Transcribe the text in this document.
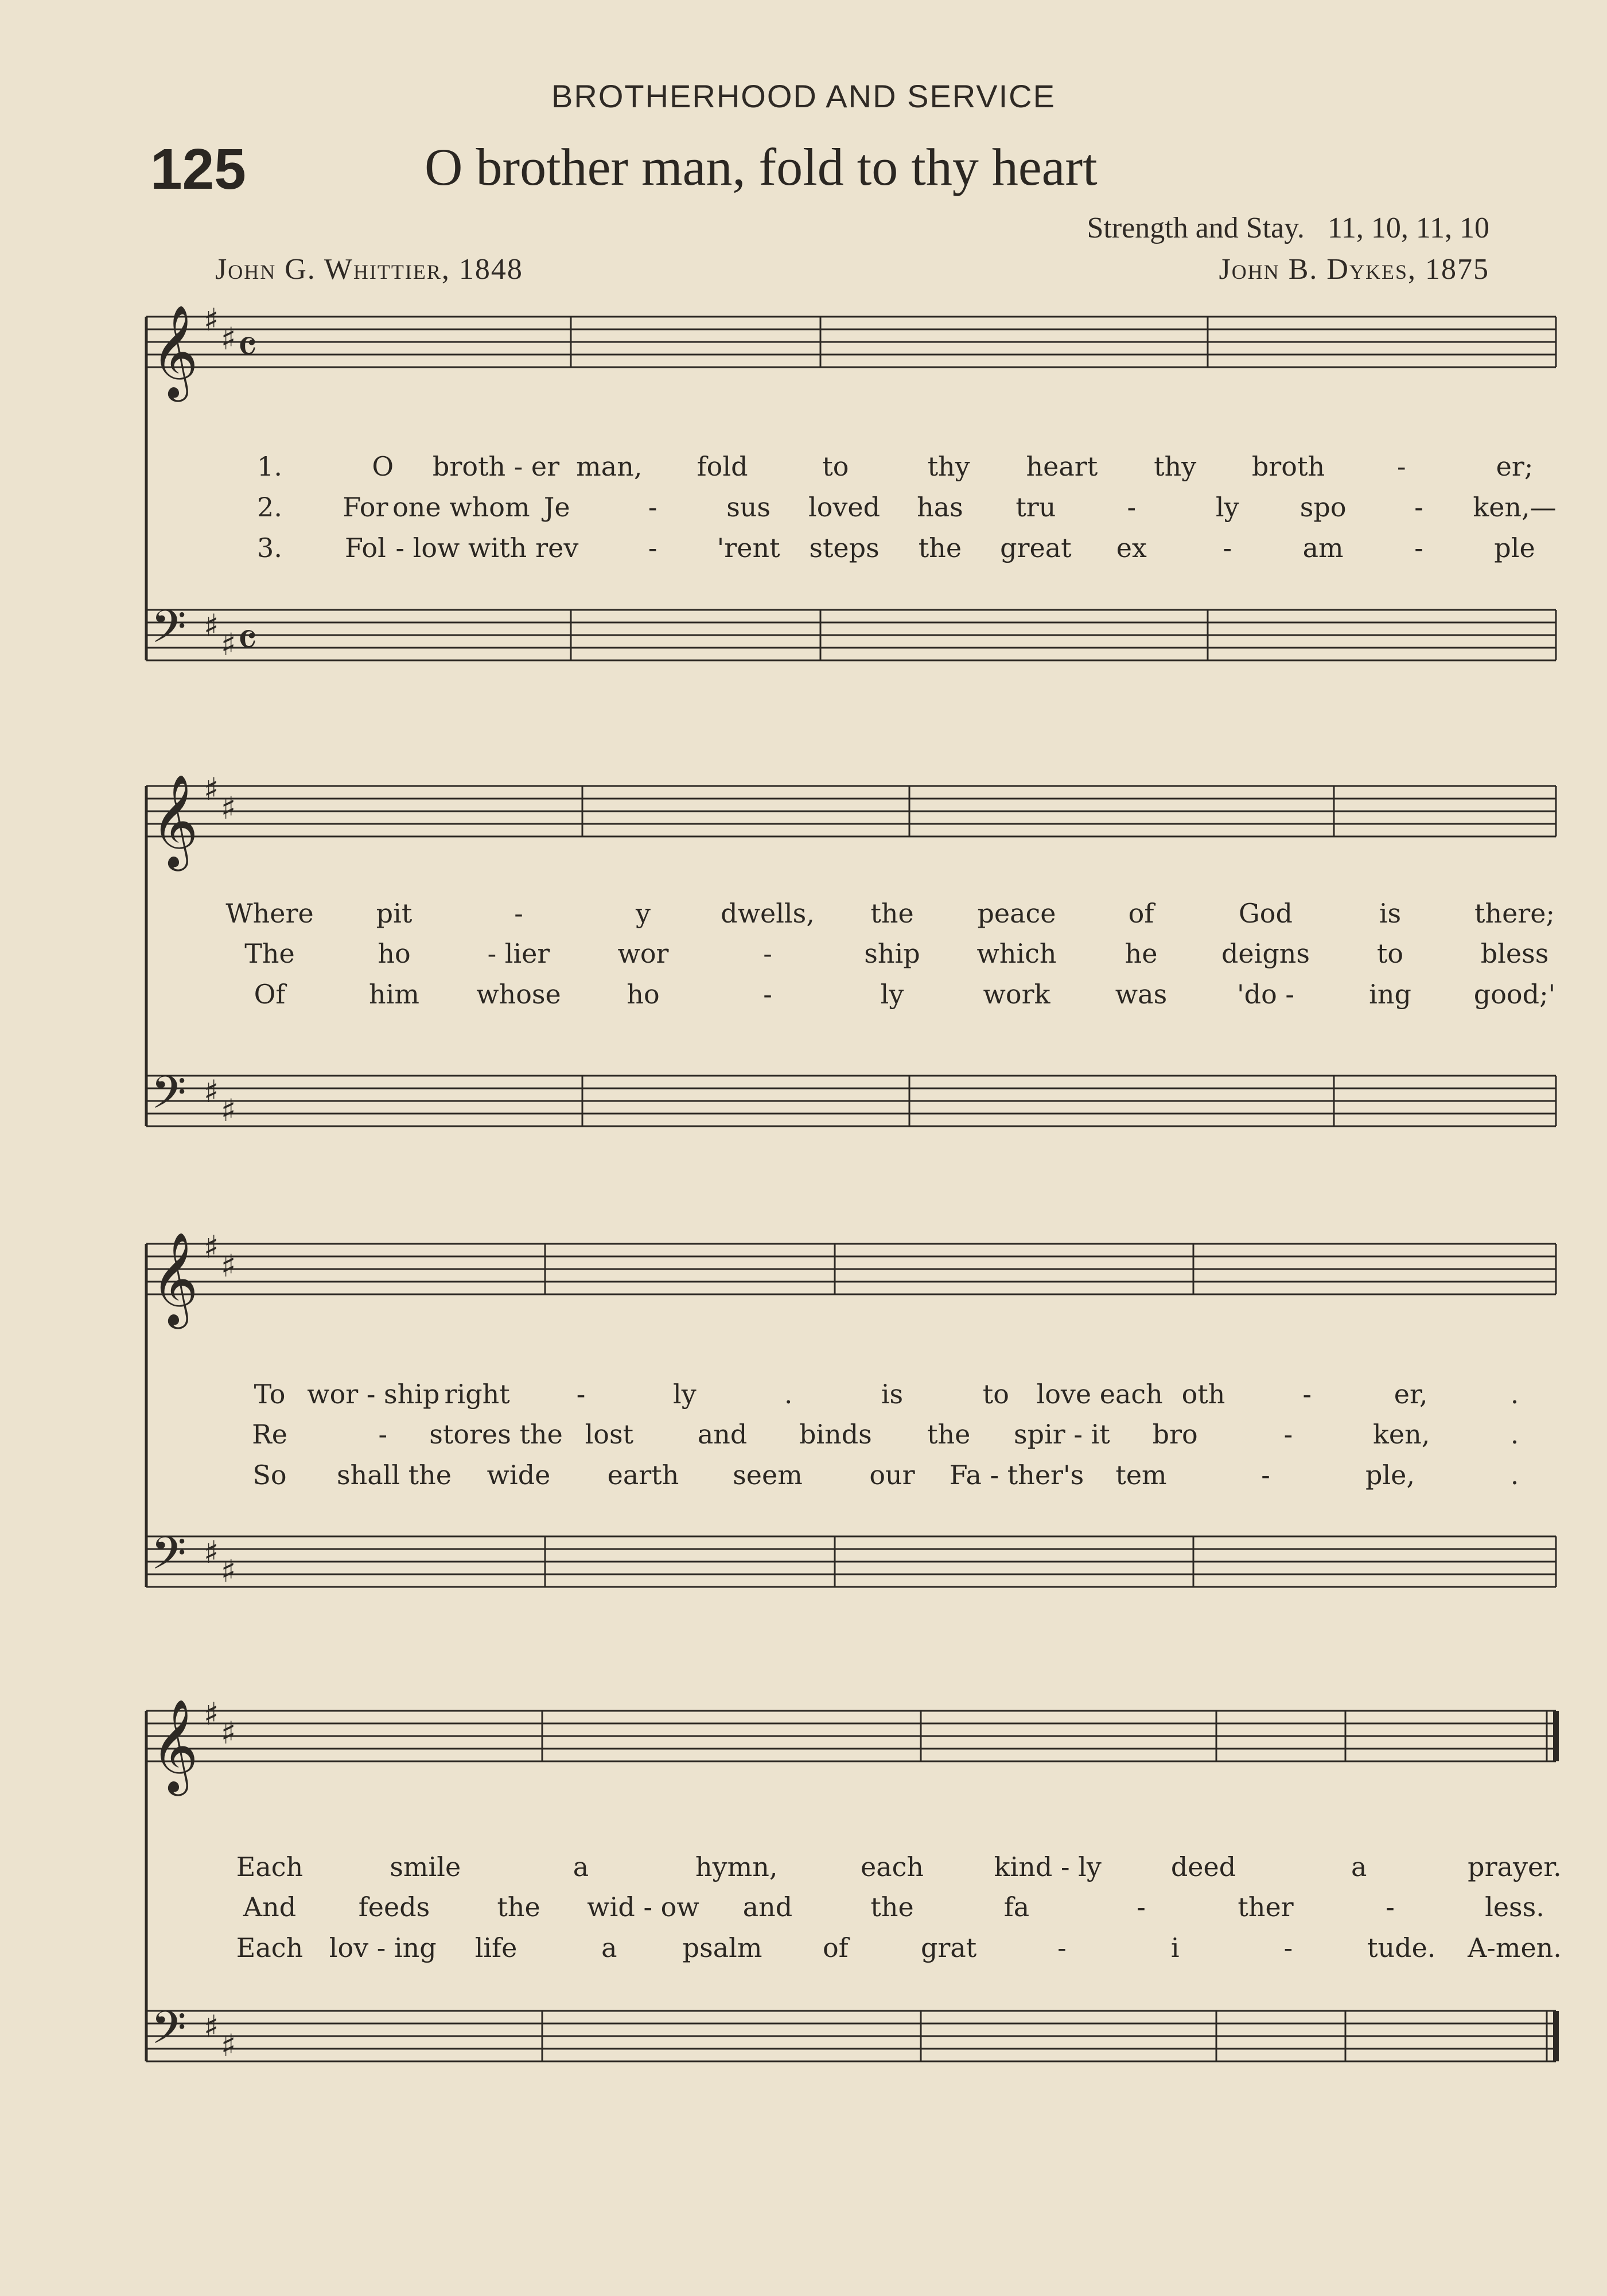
BROTHERHOOD AND SERVICE
125	O brother man, fold to thy heart
Strength and Stay. 11, 10, 11, 10
John G. Whittier, 1848	John B. Dykes, 1875
𝄞 ♯
♯
𝄢 ♯
♯
𝄴
𝄴
𝄞 ♯
♯
𝄢 ♯
♯
𝄞 ♯
♯
𝄢 ♯
♯
𝄞 ♯
♯
𝄢 ♯
♯
1.	O broth - er man, fold	to	thy heart thy broth	-	er;
2. For one whom Je	-	sus loved has tru	-	ly spo	- ken,—
3. Fol - low with rev	- 'rent steps the great ex	-	am	-	ple
Where pit	-	y	dwells, the peace	of	God	is	there;
The	ho	- lier	wor	-	ship which	he deigns	to	bless
Of	him whose ho	-	ly	work was	'do -	ing good;'
To wor - ship right	-	ly	.	is	to love each oth	-	er,	.
Re	- stores the lost and binds the spir - it bro	-	ken,	.
So shall the wide earth seem	our Fa - ther's tem	-	ple,	.
Each	smile	a	hymn,	each	kind - ly	deed	a	prayer.
And feeds	the wid - ow and	the	fa	-	ther	-	less.
Each lov - ing life	a psalm of	grat	-	i	-	tude. A-men.
